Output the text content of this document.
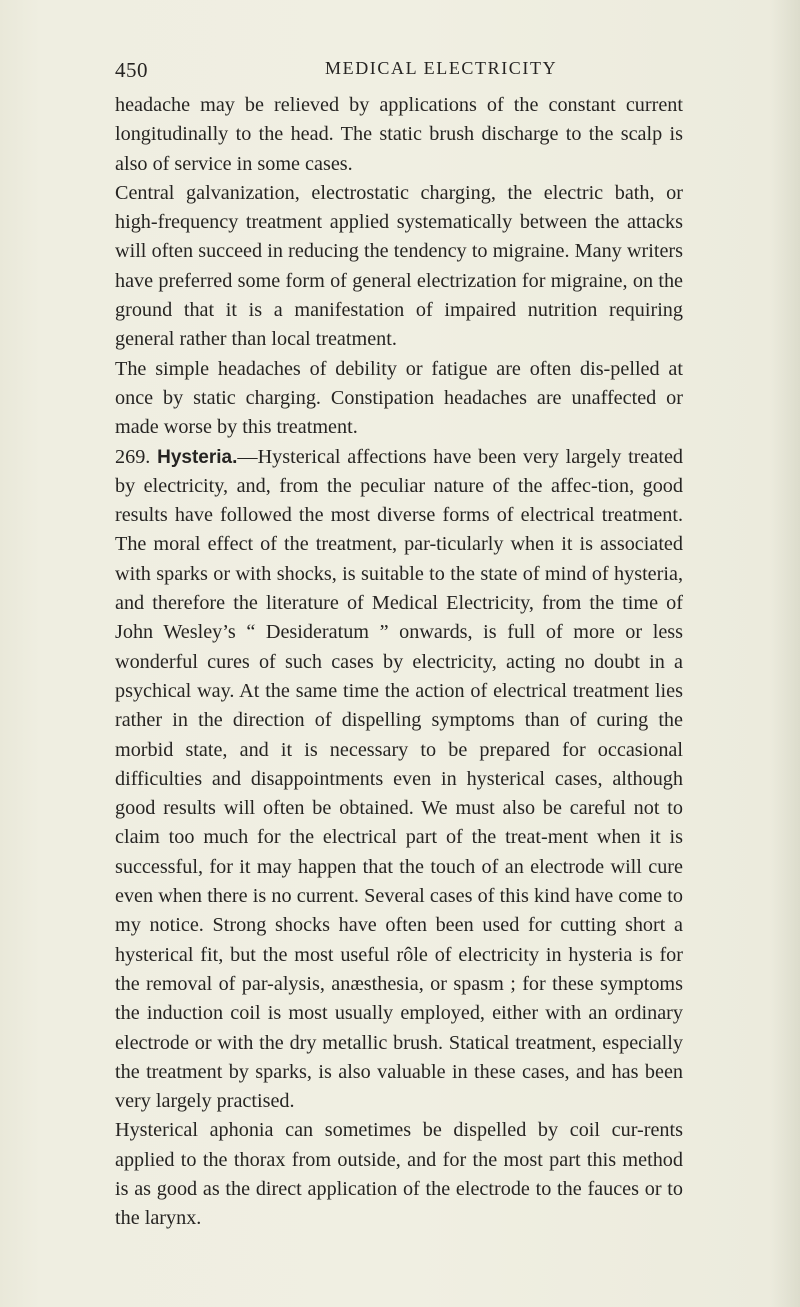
450	MEDICAL ELECTRICITY

headache may be relieved by applications of the constant current longitudinally to the head. The static brush discharge to the scalp is also of service in some cases.

Central galvanization, electrostatic charging, the electric bath, or high-frequency treatment applied systematically between the attacks will often succeed in reducing the tendency to migraine. Many writers have preferred some form of general electrization for migraine, on the ground that it is a manifestation of impaired nutrition requiring general rather than local treatment.

The simple headaches of debility or fatigue are often dis-pelled at once by static charging. Constipation headaches are unaffected or made worse by this treatment.

269. Hysteria.—Hysterical affections have been very largely treated by electricity, and, from the peculiar nature of the affec-tion, good results have followed the most diverse forms of electrical treatment. The moral effect of the treatment, par-ticularly when it is associated with sparks or with shocks, is suitable to the state of mind of hysteria, and therefore the literature of Medical Electricity, from the time of John Wesley’s “ Desideratum ” onwards, is full of more or less wonderful cures of such cases by electricity, acting no doubt in a psychical way. At the same time the action of electrical treatment lies rather in the direction of dispelling symptoms than of curing the morbid state, and it is necessary to be prepared for occasional difficulties and disappointments even in hysterical cases, although good results will often be obtained. We must also be careful not to claim too much for the electrical part of the treat-ment when it is successful, for it may happen that the touch of an electrode will cure even when there is no current. Several cases of this kind have come to my notice. Strong shocks have often been used for cutting short a hysterical fit, but the most useful rôle of electricity in hysteria is for the removal of par-alysis, anæsthesia, or spasm ; for these symptoms the induction coil is most usually employed, either with an ordinary electrode or with the dry metallic brush. Statical treatment, especially the treatment by sparks, is also valuable in these cases, and has been very largely practised.

Hysterical aphonia can sometimes be dispelled by coil cur-rents applied to the thorax from outside, and for the most part this method is as good as the direct application of the electrode to the fauces or to the larynx.
